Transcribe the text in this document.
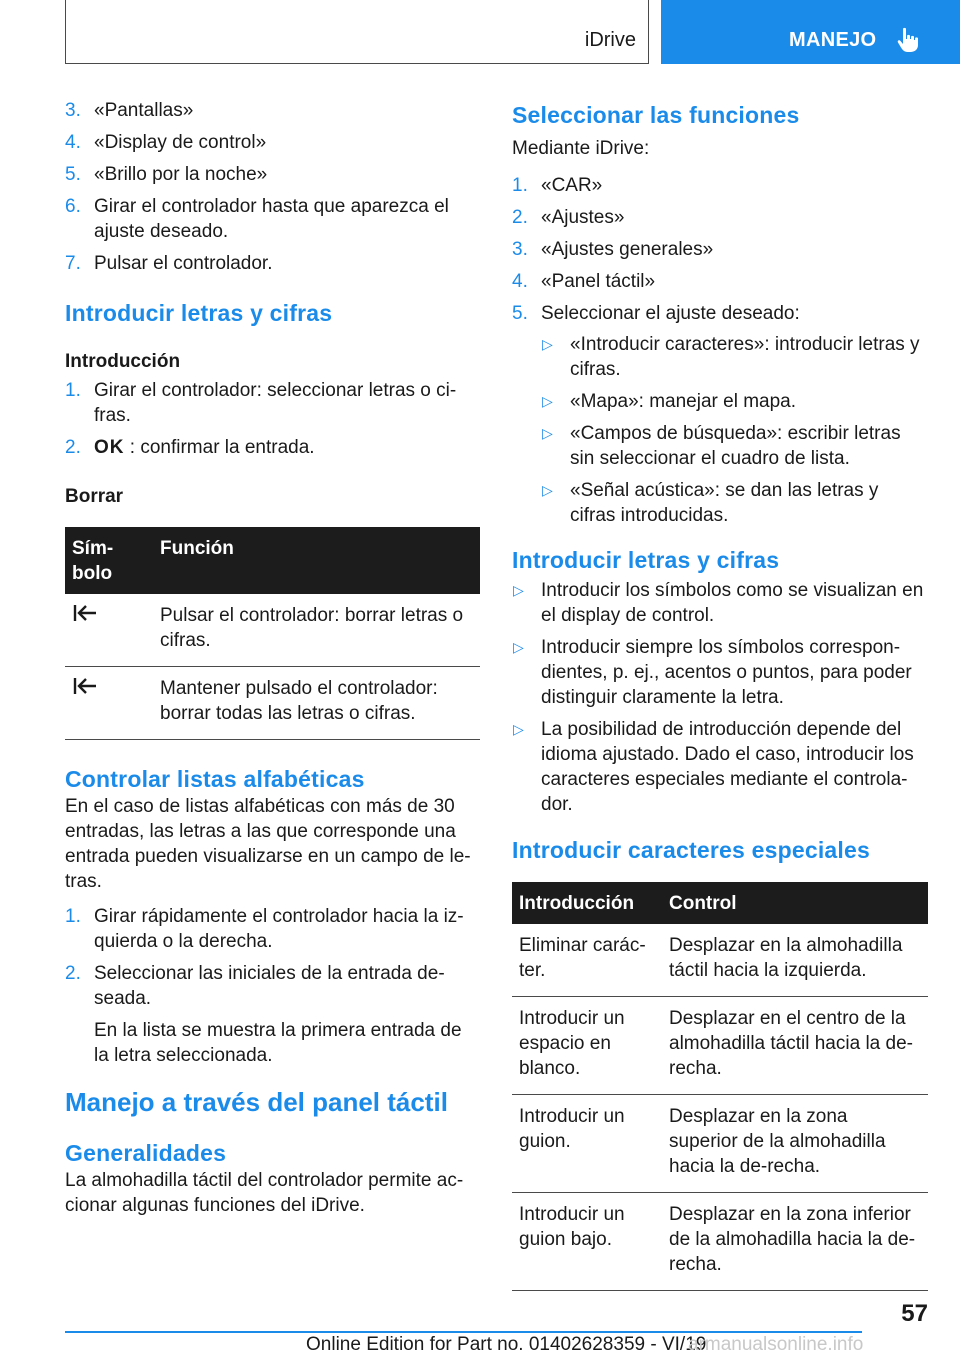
iDrive	MANEJO
3. «Pantallas»
4. «Display de control»
5. «Brillo por la noche»
6. Girar el controlador hasta que aparezca el ajuste deseado.
7. Pulsar el controlador.
Introducir letras y cifras
Introducción
1. Girar el controlador: seleccionar letras o ci‐fras.
2. OK : confirmar la entrada.
Borrar
Sím‐bolo	Función
	Pulsar el controlador: borrar letras o cifras.
	Mantener pulsado el controlador: borrar todas las letras o cifras.
Controlar listas alfabéticas

En el caso de listas alfabéticas con más de 30 entradas, las letras a las que corresponde una entrada pueden visualizarse en un campo de le‐tras.

1. Girar rápidamente el controlador hacia la iz‐quierda o la derecha.
2. Seleccionar las iniciales de la entrada de‐seada.
En la lista se muestra la primera entrada de la letra seleccionada.
Manejo a través del panel táctil
Generalidades

La almohadilla táctil del controlador permite ac‐cionar algunas funciones del iDrive.

Seleccionar las funciones

Mediante iDrive:

1. «CAR»
2. «Ajustes»
3. «Ajustes generales»
4. «Panel táctil»
5. Seleccionar el ajuste deseado:
▷ «Introducir caracteres»: introducir letras y cifras.
▷ «Mapa»: manejar el mapa.
▷ «Campos de búsqueda»: escribir letras sin seleccionar el cuadro de lista.
▷ «Señal acústica»: se dan las letras y cifras introducidas.
Introducir letras y cifras
▷ Introducir los símbolos como se visualizan en el display de control.
▷ Introducir siempre los símbolos correspon‐dientes, p. ej., acentos o puntos, para poder distinguir claramente la letra.
▷ La posibilidad de introducción depende del idioma ajustado. Dado el caso, introducir los caracteres especiales mediante el controla‐dor.
Introducir caracteres especiales
Introducción	Control
Eliminar carác‐ter.	Desplazar en la almohadilla táctil hacia la izquierda.
Introducir un espacio en blanco.	Desplazar en el centro de la almohadilla táctil hacia la de‐recha.
Introducir un guion.	Desplazar en la zona superior de la almohadilla hacia la de‐recha.
Introducir un guion bajo.	Desplazar en la zona inferior de la almohadilla hacia la de‐recha.
57
Online Edition for Part no. 01402628359 - VI/19
armanualsonline.info
